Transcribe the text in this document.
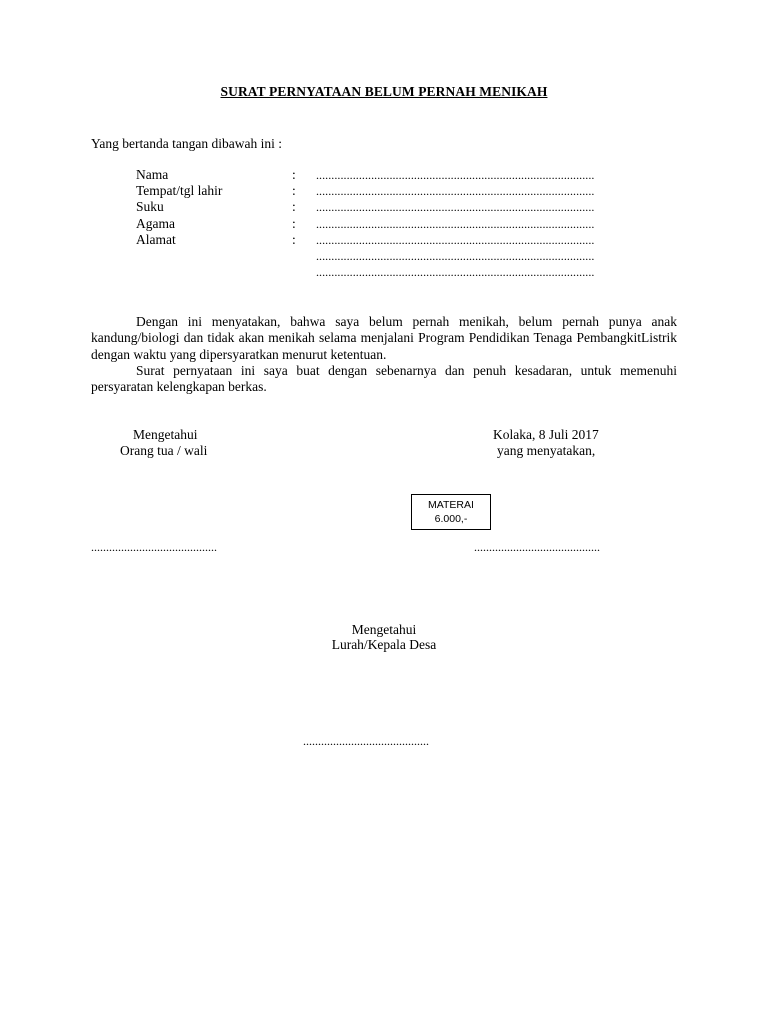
SURAT PERNYATAAN BELUM PERNAH MENIKAH
Yang bertanda tangan dibawah ini :
Nama	: ...........................................................................................
Tempat/tgl lahir	: ...........................................................................................
Suku	: ...........................................................................................
Agama	: ...........................................................................................
Alamat	: ...........................................................................................
...........................................................................................
...........................................................................................

Dengan ini menyatakan, bahwa saya belum pernah menikah, belum pernah punya anak kandung/biologi dan tidak akan menikah selama menjalani Program Pendidikan Tenaga PembangkitListrik dengan waktu yang dipersyaratkan menurut ketentuan.

Surat pernyataan ini saya buat dengan sebenarnya dan penuh kesadaran, untuk memenuhi persyaratan kelengkapan berkas.

Mengetahui
Orang tua / wali
Kolaka, 8 Juli 2017
yang menyatakan,
MATERAI
6.000,-
..........................................	..........................................
Mengetahui
Lurah/Kepala Desa
..........................................
